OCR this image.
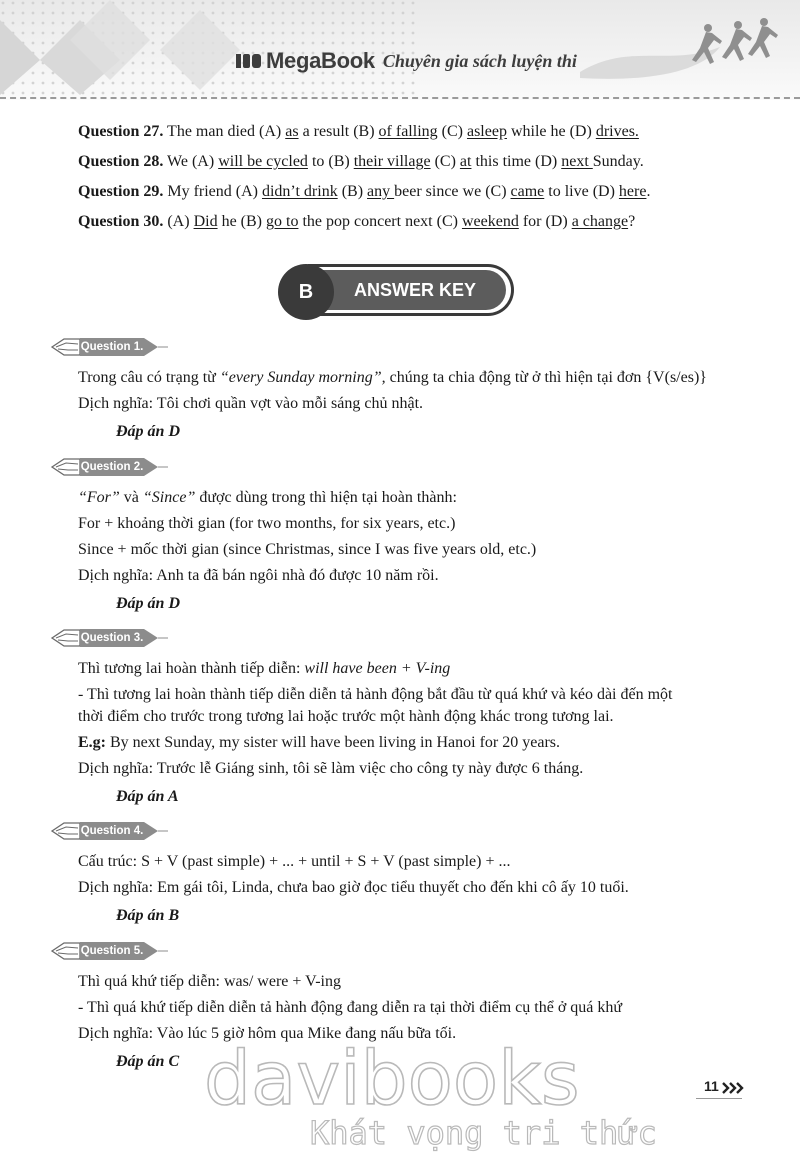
MegaBook Chuyên gia sách luyện thi
Question 27. The man died (A) as a result (B) of falling (C) asleep while he (D) drives.
Question 28. We (A) will be cycled to (B) their village (C) at this time (D) next Sunday.
Question 29. My friend (A) didn’t drink (B) any beer since we (C) came to live (D) here.
Question 30. (A) Did he (B) go to the pop concert next (C) weekend for (D) a change?
ANSWER KEY
B
Question 1.
Trong câu có trạng từ “every Sunday morning”, chúng ta chia động từ ở thì hiện tại đơn {V(s/es)}
Dịch nghĩa: Tôi chơi quần vợt vào mỗi sáng chủ nhật.
Đáp án D
Question 2.
“For” và “Since” được dùng trong thì hiện tại hoàn thành:
For + khoảng thời gian (for two months, for six years, etc.)
Since + mốc thời gian (since Christmas, since I was five years old, etc.)
Dịch nghĩa: Anh ta đã bán ngôi nhà đó được 10 năm rồi.
Đáp án D
Question 3.
Thì tương lai hoàn thành tiếp diễn: will have been + V-ing
- Thì tương lai hoàn thành tiếp diễn diễn tả hành động bắt đầu từ quá khứ và kéo dài đến một
thời điểm cho trước trong tương lai hoặc trước một hành động khác trong tương lai.
E.g: By next Sunday, my sister will have been living in Hanoi for 20 years.
Dịch nghĩa: Trước lễ Giáng sinh, tôi sẽ làm việc cho công ty này được 6 tháng.
Đáp án A
Question 4.
Cấu trúc: S + V (past simple) + ... + until + S + V (past simple) + ...
Dịch nghĩa: Em gái tôi, Linda, chưa bao giờ đọc tiểu thuyết cho đến khi cô ấy 10 tuổi.
Đáp án B
Question 5.
Thì quá khứ tiếp diễn: was/ were + V-ing
- Thì quá khứ tiếp diễn diễn tả hành động đang diễn ra tại thời điểm cụ thể ở quá khứ
Dịch nghĩa: Vào lúc 5 giờ hôm qua Mike đang nấu bữa tối.
Đáp án C davibooks
Khát vọng tri thức
11
